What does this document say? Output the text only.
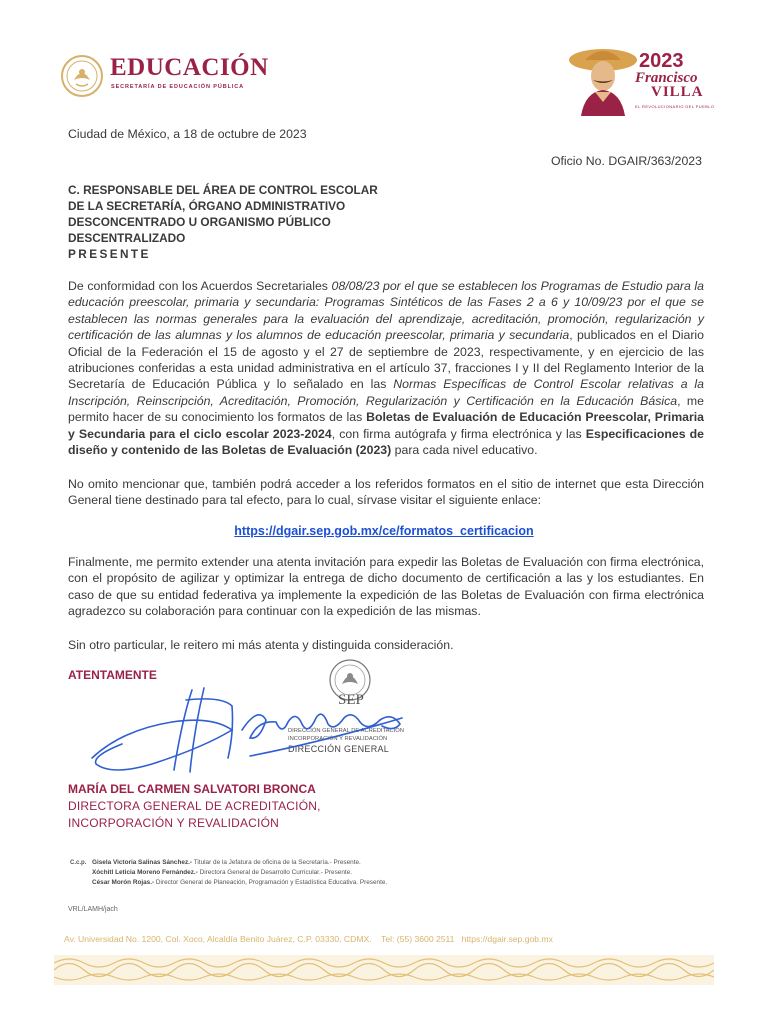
EDUCACIÓN
SECRETARÍA DE EDUCACIÓN PÚBLICA
2023
Francisco
VILLA
EL REVOLUCIONARIO DEL PUEBLO
Ciudad de México, a 18 de octubre de 2023
Oficio No. DGAIR/363/2023
C. RESPONSABLE DEL ÁREA DE CONTROL ESCOLAR
DE LA SECRETARÍA, ÓRGANO ADMINISTRATIVO
DESCONCENTRADO U ORGANISMO PÚBLICO
DESCENTRALIZADO
PRESENTE
De conformidad con los Acuerdos Secretariales 08/08/23 por el que se establecen los Programas de Estudio para la educación preescolar, primaria y secundaria: Programas Sintéticos de las Fases 2 a 6 y 10/09/23 por el que se establecen las normas generales para la evaluación del aprendizaje, acreditación, promoción, regularización y certificación de las alumnas y los alumnos de educación preescolar, primaria y secundaria, publicados en el Diario Oficial de la Federación el 15 de agosto y el 27 de septiembre de 2023, respectivamente, y en ejercicio de las atribuciones conferidas a esta unidad administrativa en el artículo 37, fracciones I y II del Reglamento Interior de la Secretaría de Educación Pública y lo señalado en las Normas Específicas de Control Escolar relativas a la Inscripción, Reinscripción, Acreditación, Promoción, Regularización y Certificación en la Educación Básica, me permito hacer de su conocimiento los formatos de las Boletas de Evaluación de Educación Preescolar, Primaria y Secundaria para el ciclo escolar 2023-2024, con firma autógrafa y firma electrónica y las Especificaciones de diseño y contenido de las Boletas de Evaluación (2023) para cada nivel educativo.
No omito mencionar que, también podrá acceder a los referidos formatos en el sitio de internet que esta Dirección General tiene destinado para tal efecto, para lo cual, sírvase visitar el siguiente enlace:
https://dgair.sep.gob.mx/ce/formatos_certificacion
Finalmente, me permito extender una atenta invitación para expedir las Boletas de Evaluación con firma electrónica, con el propósito de agilizar y optimizar la entrega de dicho documento de certificación a las y los estudiantes. En caso de que su entidad federativa ya implemente la expedición de las Boletas de Evaluación con firma electrónica agradezco su colaboración para continuar con la expedición de las mismas.
Sin otro particular, le reitero mi más atenta y distinguida consideración.
ATENTAMENTE
SEP
DIRECCIÓN GENERAL DE ACREDITACIÓN
INCORPORACIÓN Y REVALIDACIÓN
DIRECCIÓN GENERAL
MARÍA DEL CARMEN SALVATORI BRONCA
DIRECTORA GENERAL DE ACREDITACIÓN,
INCORPORACIÓN Y REVALIDACIÓN
C.c.p. Gisela Victoria Salinas Sánchez.- Titular de la Jefatura de oficina de la Secretaría.- Presente.
Xóchitl Leticia Moreno Fernández.- Directora General de Desarrollo Curricular.- Presente.
César Morón Rojas.- Director General de Planeación, Programación y Estadística Educativa. Presente.
VRL/LAMH/jach
Av. Universidad No. 1200, Col. Xoco, Alcaldía Benito Juárez, C.P. 03330, CDMX. Tel: (55) 3600 2511 https://dgair.sep.gob.mx
